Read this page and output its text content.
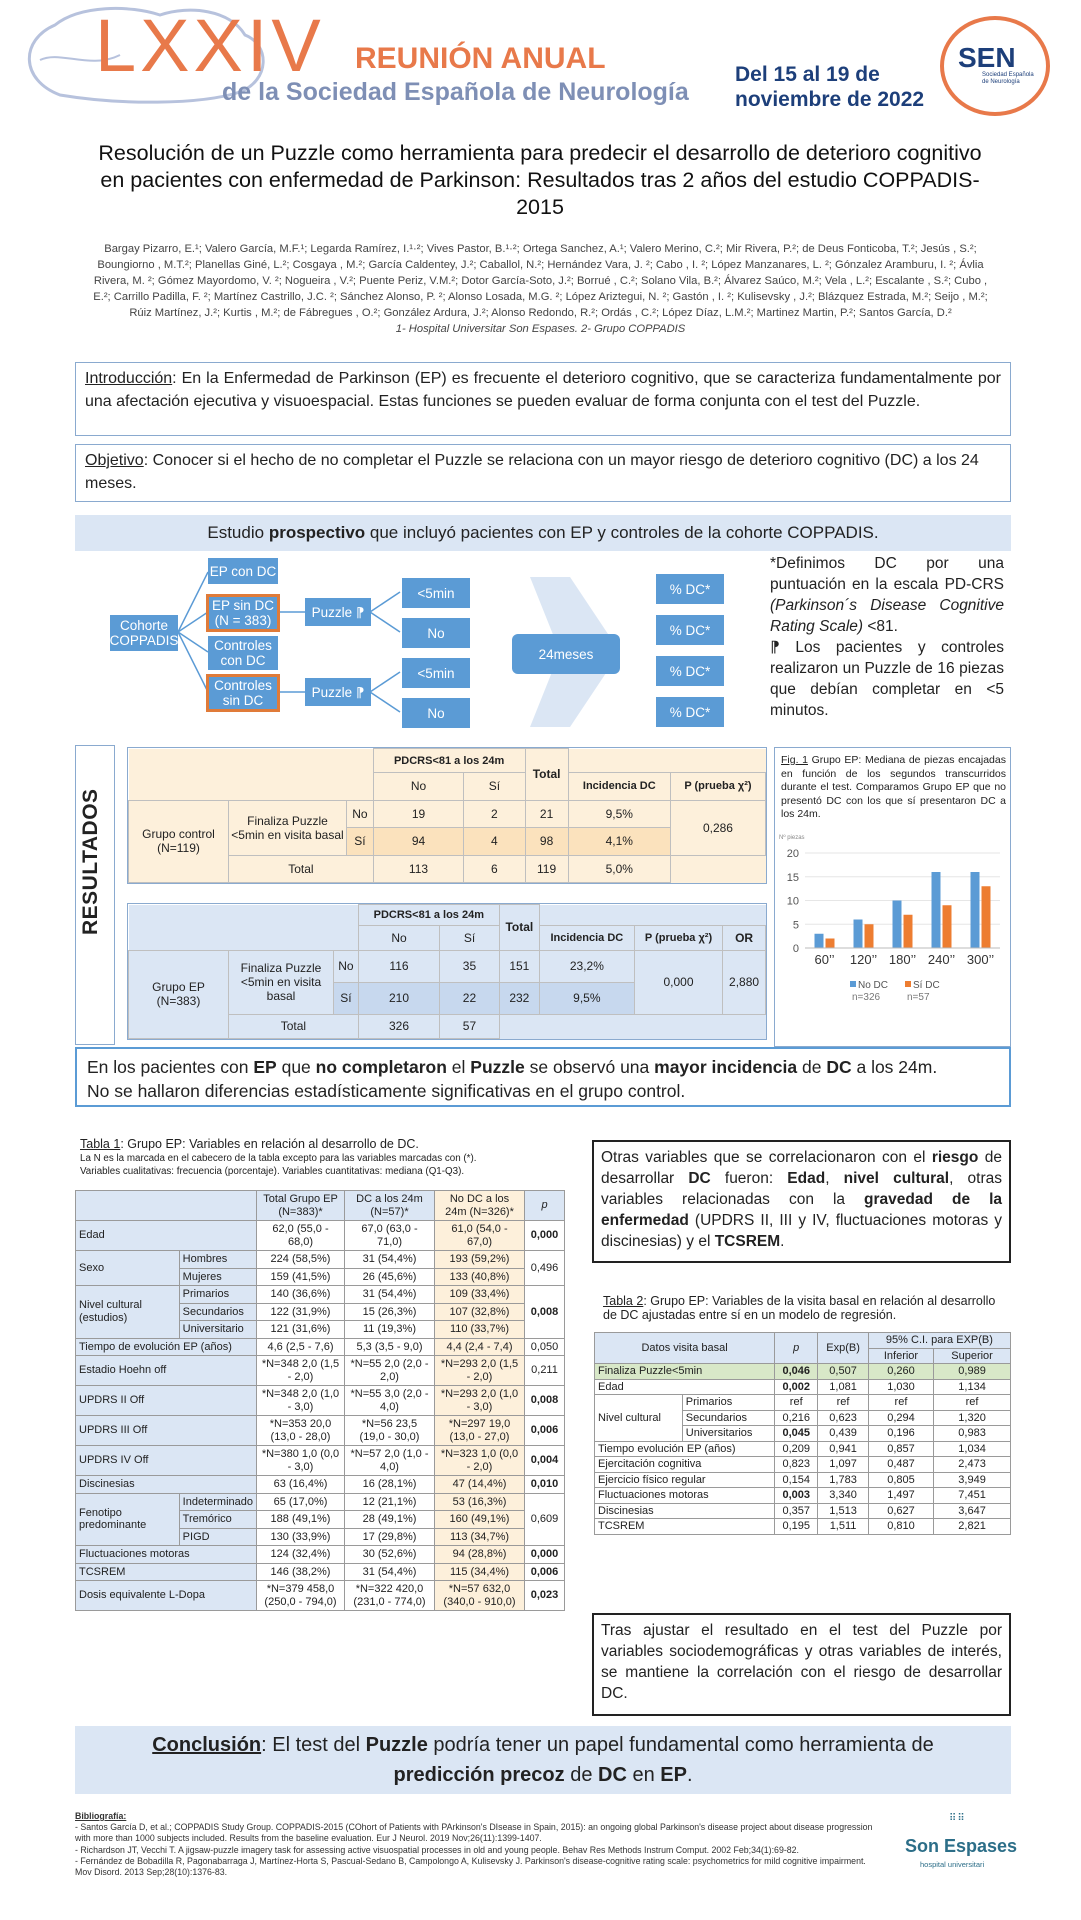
LXXIV REUNIÓN ANUAL
de la Sociedad Española de Neurología
Del 15 al 19 de
noviembre de 2022
SEN
Sociedad Española de Neurología
Resolución de un Puzzle como herramienta para predecir el desarrollo de deterioro cognitivo en pacientes con enfermedad de Parkinson: Resultados tras 2 años del estudio COPPADIS-2015
Bargay Pizarro, E.¹; Valero García, M.F.¹; Legarda Ramírez, I.¹·²; Vives Pastor, B.¹·²; Ortega Sanchez, A.¹; Valero Merino, C.²; Mir Rivera, P.²; de Deus Fonticoba, T.²; Jesús , S.²; Boungiorno , M.T.²; Planellas Giné, L.²; Cosgaya , M.²; García Caldentey, J.²; Caballol, N.²; Hernández Vara, J. ²; Cabo , I. ²; López Manzanares, L. ²; Gónzalez Aramburu, I. ²; Ávlia Rivera, M. ²; Gómez Mayordomo, V. ²; Nogueira , V.²; Puente Periz, V.M.²; Dotor García-Soto, J.²; Borrué , C.²; Solano Vila, B.²; Álvarez Saúco, M.²; Vela , L.²; Escalante , S.²; Cubo , E.²; Carrillo Padilla, F. ²; Martínez Castrillo, J.C. ²; Sánchez Alonso, P. ²; Alonso Losada, M.G. ²; López Ariztegui, N. ²; Gastón , I. ²; Kulisevsky , J.²; Blázquez Estrada, M.²; Seijo , M.²; Rúiz Martínez, J.²; Kurtis , M.²; de Fábregues , O.²; González Ardura, J.²; Alonso Redondo, R.²; Ordás , C.²; López Díaz, L.M.²; Martinez Martin, P.²; Santos García, D.²
1- Hospital Universitar Son Espases. 2- Grupo COPPADIS
Introducción: En la Enfermedad de Parkinson (EP) es frecuente el deterioro cognitivo, que se caracteriza fundamentalmente por una afectación ejecutiva y visuoespacial. Estas funciones se pueden evaluar de forma conjunta con el test del Puzzle.
Objetivo: Conocer si el hecho de no completar el Puzzle se relaciona con un mayor riesgo de deterioro cognitivo (DC) a los 24 meses.
Estudio prospectivo que incluyó pacientes con EP y controles de la cohorte COPPADIS.
Cohorte COPPADIS
EP con DC
EP sin DC (N = 383)
Controles con DC
Controles sin DC
Puzzle ⁋
Puzzle ⁋
<5min
No
<5min
No
24meses
% DC*
% DC*
% DC*
% DC*
*Definimos DC por una puntuación en la escala PD-CRS (Parkinson´s Disease Cognitive Rating Scale) <81.
⁋ Los pacientes y controles realizaron un Puzzle de 16 piezas que debían completar en <5 minutos.
RESULTADOS
			PDCRS<81 a los 24m		Total		
			No	Sí		Incidencia DC	P (prueba χ²)
Grupo control (N=119)	Finaliza Puzzle <5min en visita basal	No	19	2	21	9,5%	0,286
		Sí	94	4	98	4,1%	
	Total		113	6	119	5,0%	
			PDCRS<81 a los 24m		Total			
			No	Sí		Incidencia DC	P (prueba χ²)	OR
Grupo EP (N=383)	Finaliza Puzzle <5min en visita basal	No	116	35	151	23,2%	0,000	2,880
		Sí	210	22	232	9,5%		
	Total		326	57				
Fig. 1 Grupo EP: Mediana de piezas encajadas en función de los segundos transcurridos durante el test. Comparamos Grupo EP que no presentó DC con los que sí presentaron DC a los 24m.
Nº piezas
0
5
10
15
20
60’’ 120’’ 180’’ 240’’ 300’’
No DC
n=326
Sí DC
n=57
En los pacientes con EP que no completaron el Puzzle se observó una mayor incidencia de DC a los 24m.
No se hallaron diferencias estadísticamente significativas en el grupo control.
Tabla 1: Grupo EP: Variables en relación al desarrollo de DC.
La N es la marcada en el cabecero de la tabla excepto para las variables marcadas con (*).
Variables cualitativas: frecuencia (porcentaje). Variables cuantitativas: mediana (Q1-Q3).
		Total Grupo EP (N=383)*	DC a los 24m (N=57)*	No DC a los 24m (N=326)*	p
Edad		62,0 (55,0 - 68,0)	67,0 (63,0 - 71,0)	61,0 (54,0 - 67,0)	0,000
Sexo	Hombres	224 (58,5%)	31 (54,4%)	193 (59,2%)	0,496
	Mujeres	159 (41,5%)	26 (45,6%)	133 (40,8%)	
Nivel cultural (estudios)	Primarios	140 (36,6%)	31 (54,4%)	109 (33,4%)	0,008
	Secundarios	122 (31,9%)	15 (26,3%)	107 (32,8%)	
	Universitario	121 (31,6%)	11 (19,3%)	110 (33,7%)	
Tiempo de evolución EP (años)		4,6 (2,5 - 7,6)	5,3 (3,5 - 9,0)	4,4 (2,4 - 7,4)	0,050
Estadio Hoehn off		*N=348 2,0 (1,5 - 2,0)	*N=55 2,0 (2,0 - 2,0)	*N=293 2,0 (1,5 - 2,0)	0,211
UPDRS II Off		*N=348 2,0 (1,0 - 3,0)	*N=55 3,0 (2,0 - 4,0)	*N=293 2,0 (1,0 - 3,0)	0,008
UPDRS III Off		*N=353 20,0 (13,0 - 28,0)	*N=56 23,5 (19,0 - 30,0)	*N=297 19,0 (13,0 - 27,0)	0,006
UPDRS IV Off		*N=380 1,0 (0,0 - 3,0)	*N=57 2,0 (1,0 - 4,0)	*N=323 1,0 (0,0 - 2,0)	0,004
Discinesias		63 (16,4%)	16 (28,1%)	47 (14,4%)	0,010
Fenotipo predominante	Indeterminado	65 (17,0%)	12 (21,1%)	53 (16,3%)	0,609
	Tremórico	188 (49,1%)	28 (49,1%)	160 (49,1%)	
	PIGD	130 (33,9%)	17 (29,8%)	113 (34,7%)	
Fluctuaciones motoras		124 (32,4%)	30 (52,6%)	94 (28,8%)	0,000
TCSREM		146 (38,2%)	31 (54,4%)	115 (34,4%)	0,006
Dosis equivalente L-Dopa		*N=379 458,0 (250,0 - 794,0)	*N=322 420,0 (231,0 - 774,0)	*N=57 632,0 (340,0 - 910,0)	0,023
Otras variables que se correlacionaron con el riesgo de desarrollar DC fueron: Edad, nivel cultural, otras variables relacionadas con la gravedad de la enfermedad (UPDRS II, III y IV, fluctuaciones motoras y discinesias) y el TCSREM.
Tabla 2: Grupo EP: Variables de la visita basal en relación al desarrollo de DC ajustadas entre sí en un modelo de regresión.
Datos visita basal		p	Exp(B)	95% C.I. para EXP(B)	
				Inferior	Superior
Finaliza Puzzle<5min		0,046	0,507	0,260	0,989
Edad		0,002	1,081	1,030	1,134
Nivel cultural	Primarios	ref	ref	ref	ref
	Secundarios	0,216	0,623	0,294	1,320
	Universitarios	0,045	0,439	0,196	0,983
Tiempo evolución EP (años)		0,209	0,941	0,857	1,034
Ejercitación cognitiva		0,823	1,097	0,487	2,473
Ejercicio físico regular		0,154	1,783	0,805	3,949
Fluctuaciones motoras		0,003	3,340	1,497	7,451
Discinesias		0,357	1,513	0,627	3,647
TCSREM		0,195	1,511	0,810	2,821
Tras ajustar el resultado en el test del Puzzle por variables sociodemográficas y otras variables de interés, se mantiene la correlación con el riesgo de desarrollar DC.
Conclusión: El test del Puzzle podría tener un papel fundamental como herramienta de
predicción precoz de DC en EP.
Bibliografía:
- Santos García D, et al.; COPPADIS Study Group. COPPADIS-2015 (COhort of Patients with PArkinson's DIsease in Spain, 2015): an ongoing global Parkinson's disease project about disease progression with more than 1000 subjects included. Results from the baseline evaluation. Eur J Neurol. 2019 Nov;26(11):1399-1407.
- Richardson JT, Vecchi T. A jigsaw-puzzle imagery task for assessing active visuospatial processes in old and young people. Behav Res Methods Instrum Comput. 2002 Feb;34(1):69-82.
- Fernández de Bobadilla R, Pagonabarraga J, Martínez-Horta S, Pascual-Sedano B, Campolongo A, Kulisevsky J. Parkinson's disease-cognitive rating scale: psychometrics for mild cognitive impairment. Mov Disord. 2013 Sep;28(10):1376-83.
⠿⠿
Son Espases
hospital universitari
